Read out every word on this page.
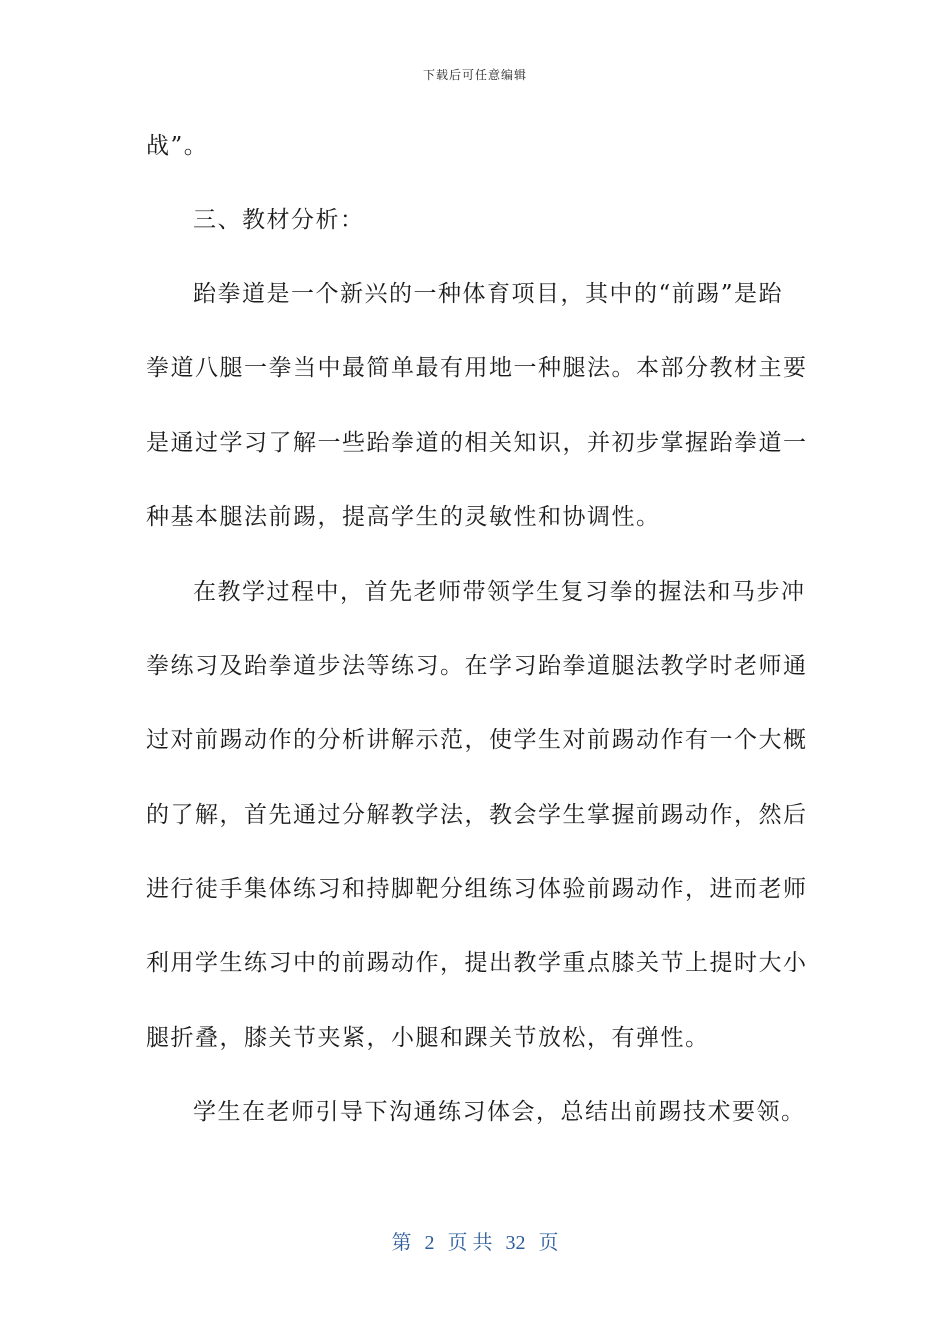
下载后可任意编辑
战”。
三、教材分析：
跆拳道是一个新兴的一种体育项目，其中的“前踢”是跆
拳道八腿一拳当中最简单最有用地一种腿法。本部分教材主要
是通过学习了解一些跆拳道的相关知识，并初步掌握跆拳道一
种基本腿法前踢，提高学生的灵敏性和协调性。
在教学过程中，首先老师带领学生复习拳的握法和马步冲
拳练习及跆拳道步法等练习。在学习跆拳道腿法教学时老师通
过对前踢动作的分析讲解示范，使学生对前踢动作有一个大概
的了解，首先通过分解教学法，教会学生掌握前踢动作，然后
进行徒手集体练习和持脚靶分组练习体验前踢动作，进而老师
利用学生练习中的前踢动作，提出教学重点膝关节上提时大小
腿折叠，膝关节夹紧，小腿和踝关节放松，有弹性。
学生在老师引导下沟通练习体会，总结出前踢技术要领。
第 2 页 共 32 页
